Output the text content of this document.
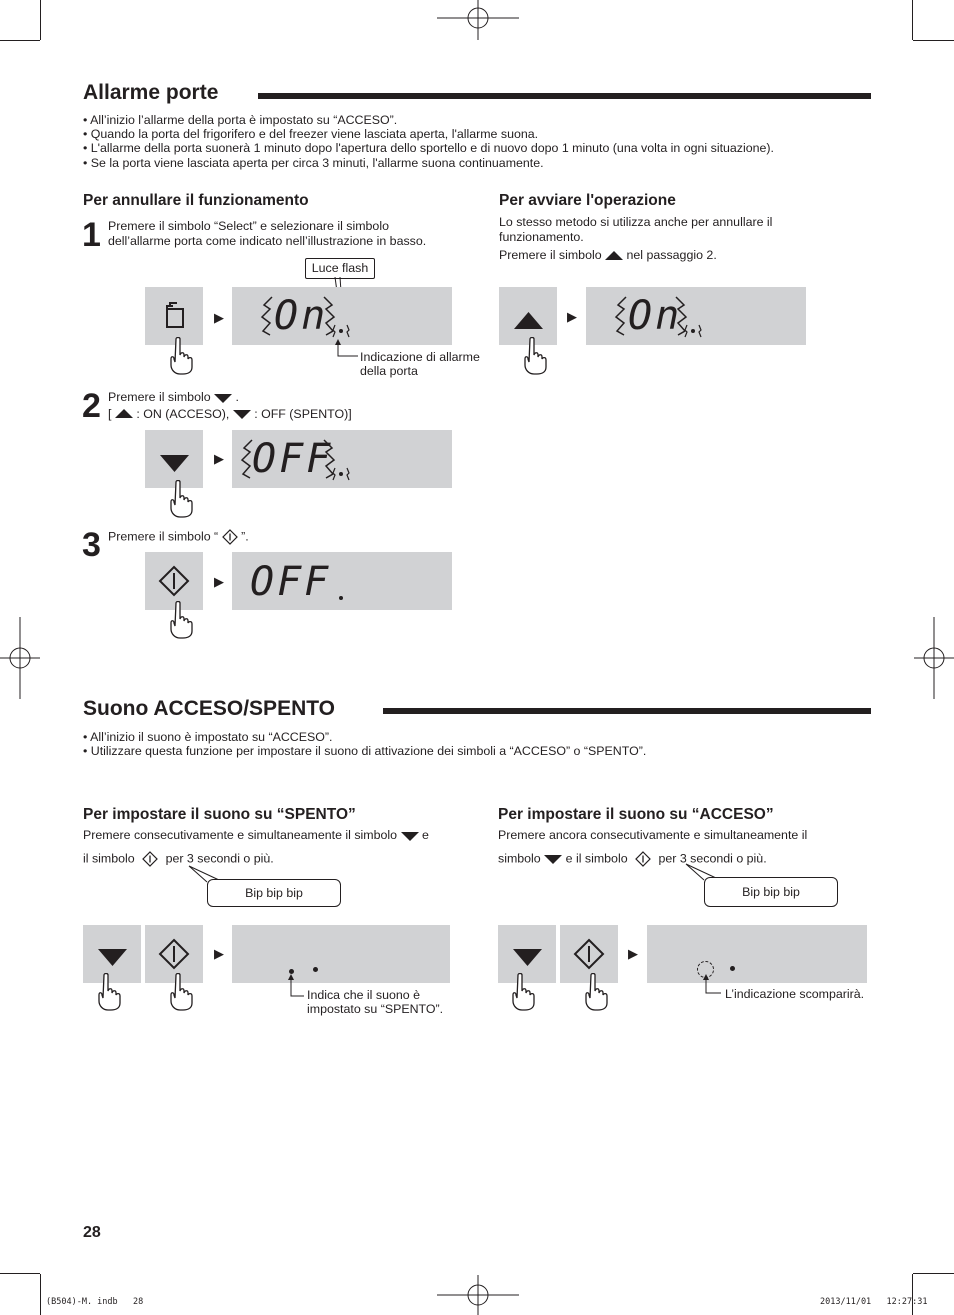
Allarme porte
• All’inizio l’allarme della porta è impostato su “ACCESO”.
• Quando la porta del frigorifero e del freezer viene lasciata aperta, l'allarme suona.
• L'allarme della porta suonerà 1 minuto dopo l'apertura dello sportello e di nuovo dopo 1 minuto (una volta in ogni situazione).
• Se la porta viene lasciata aperta per circa 3 minuti, l'allarme suona continuamente.
Per annullare il funzionamento
1 Premere il simbolo “Select” e selezionare il simbolo
dell’allarme porta come indicato nell’illustrazione in basso.
Luce flash
▶ On
Indicazione di allarme
della porta
2 Premere il simbolo .
[ : ON (ACCESO), : OFF (SPENTO)]
▶ OFF
3 Premere il simbolo “ ”.
▶ OFF
Per avviare l'operazione
Lo stesso metodo si utilizza anche per annullare il
funzionamento.
Premere il simbolo nel passaggio 2.
▶ On
Suono ACCESO/SPENTO
• All’inizio il suono è impostato su “ACCESO”.
• Utilizzare questa funzione per impostare il suono di attivazione dei simboli a “ACCESO” o “SPENTO”.
Per impostare il suono su “SPENTO”
Premere consecutivamente e simultaneamente il simbolo e
il simbolo per 3 secondi o più.
Bip bip bip
▶
Indica che il suono è
impostato su “SPENTO”.
Per impostare il suono su “ACCESO”
Premere ancora consecutivamente e simultaneamente il
simbolo e il simbolo per 3 secondi o più.
Bip bip bip
▶
L’indicazione scomparirà.
28
(B504)-M. indb   28	2013/11/01   12:27:31
